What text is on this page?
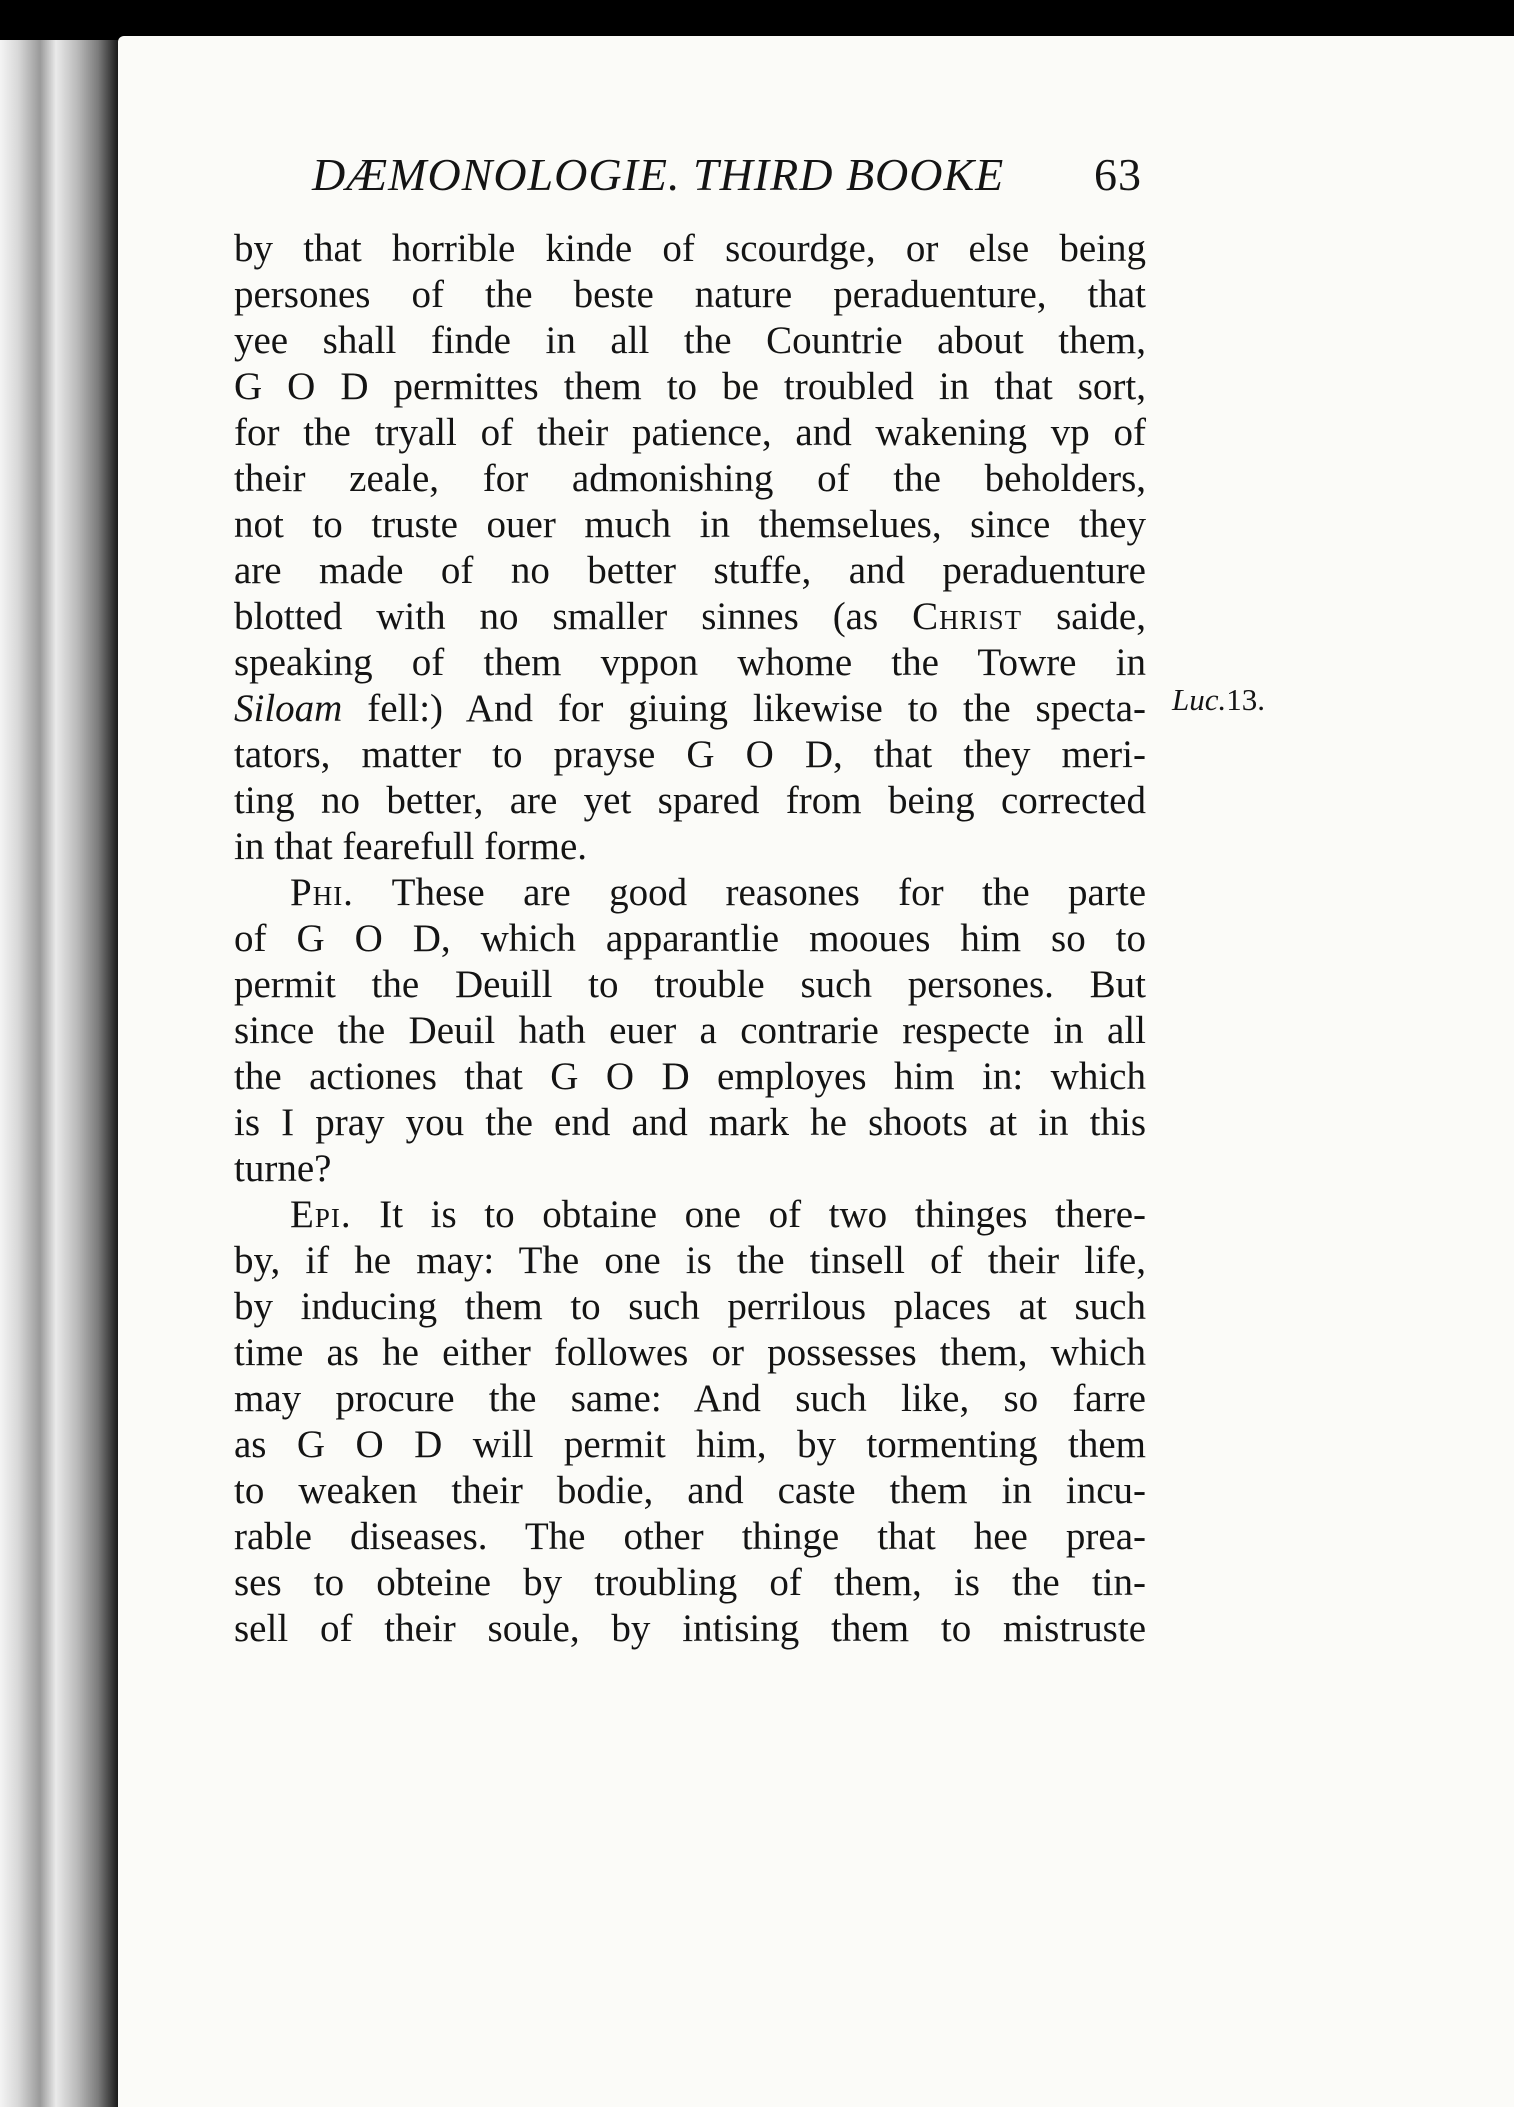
DÆMONOLOGIE. THIRD BOOKE 63
Luc.13.
by that horrible kinde of scourdge, or else being
persones of the beste nature peraduenture, that
yee shall finde in all the Countrie about them,
G O D permittes them to be troubled in that sort,
for the tryall of their patience, and wakening vp of
their zeale, for admonishing of the beholders,
not to truste ouer much in themselues, since they
are made of no better stuffe, and peraduenture
blotted with no smaller sinnes (as Christ saide,
speaking of them vppon whome the Towre in
Siloam fell:) And for giuing likewise to the specta-
tators, matter to prayse G O D, that they meri-
ting no better, are yet spared from being corrected
in that fearefull forme.
Phi. These are good reasones for the parte
of G O D, which apparantlie mooues him so to
permit the Deuill to trouble such persones. But
since the Deuil hath euer a contrarie respecte in all
the actiones that G O D employes him in: which
is I pray you the end and mark he shoots at in this
turne?
Epi. It is to obtaine one of two thinges there-
by, if he may: The one is the tinsell of their life,
by inducing them to such perrilous places at such
time as he either followes or possesses them, which
may procure the same: And such like, so farre
as G O D will permit him, by tormenting them
to weaken their bodie, and caste them in incu-
rable diseases. The other thinge that hee prea-
ses to obteine by troubling of them, is the tin-
sell of their soule, by intising them to mistruste
